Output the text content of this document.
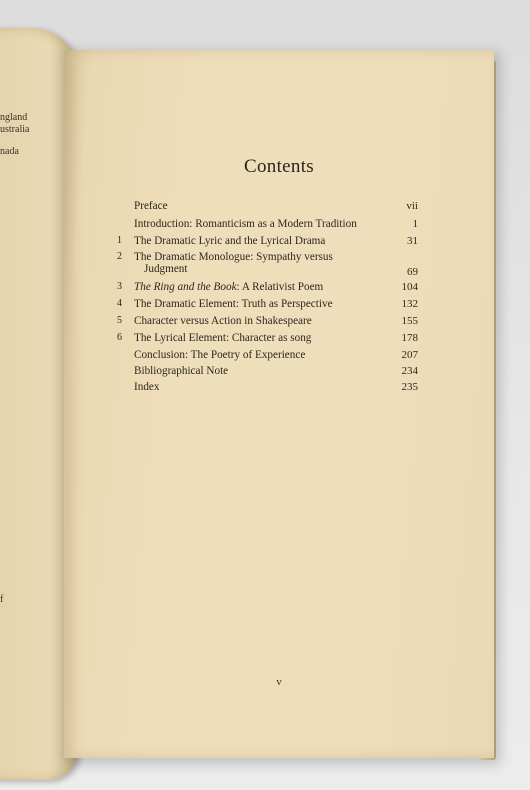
ngland
ustralia
nada
f
Contents
Preface	vii
Introduction: Romanticism as a Modern Tradition	1
1 The Dramatic Lyric and the Lyrical Drama	31
2 The Dramatic Monologue: Sympathy versus
Judgment	69
3 The Ring and the Book: A Relativist Poem	104
4 The Dramatic Element: Truth as Perspective	132
5 Character versus Action in Shakespeare	155
6 The Lyrical Element: Character as song	178
Conclusion: The Poetry of Experience	207
Bibliographical Note	234
Index	235
v
